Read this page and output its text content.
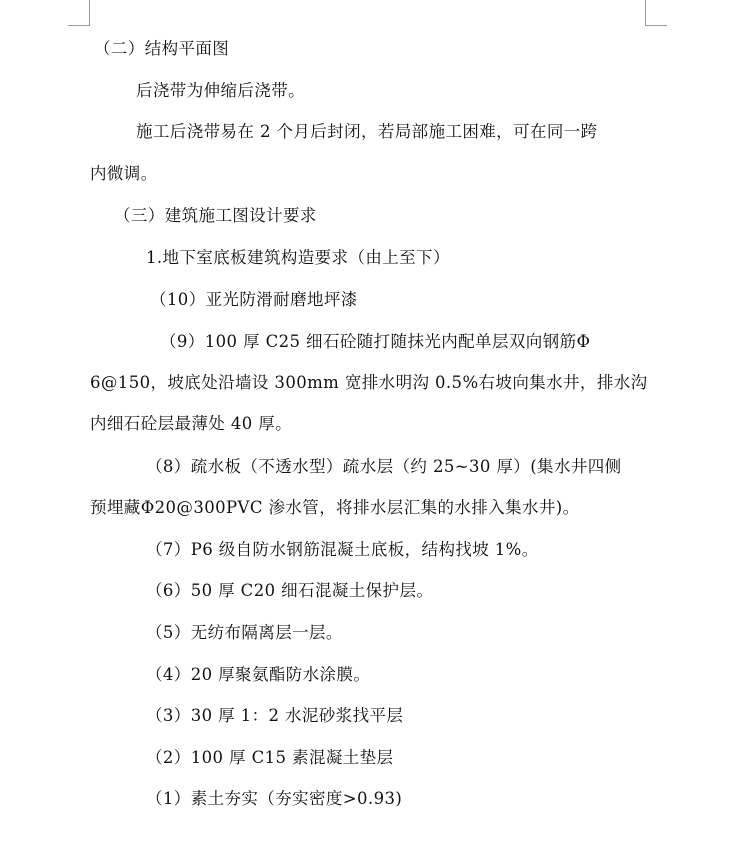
（二）结构平面图
后浇带为伸缩后浇带。
施工后浇带易在 2 个月后封闭，若局部施工困难，可在同一跨
内微调。
（三）建筑施工图设计要求
1.地下室底板建筑构造要求（由上至下）
（10）亚光防滑耐磨地坪漆
（9）100 厚 C25 细石砼随打随抹光内配单层双向钢筋Φ
6@150，坡底处沿墙设 300mm 宽排水明沟 0.5%右坡向集水井，排水沟
内细石砼层最薄处 40 厚。
（8）疏水板（不透水型）疏水层（约 25~30 厚）(集水井四侧
预埋藏Φ20@300PVC 渗水管，将排水层汇集的水排入集水井)。
（7）P6 级自防水钢筋混凝土底板，结构找坡 1%。
（6）50 厚 C20 细石混凝土保护层。
（5）无纺布隔离层一层。
（4）20 厚聚氨酯防水涂膜。
（3）30 厚 1：2 水泥砂浆找平层
（2）100 厚 C15 素混凝土垫层
（1）素土夯实（夯实密度>0.93)
